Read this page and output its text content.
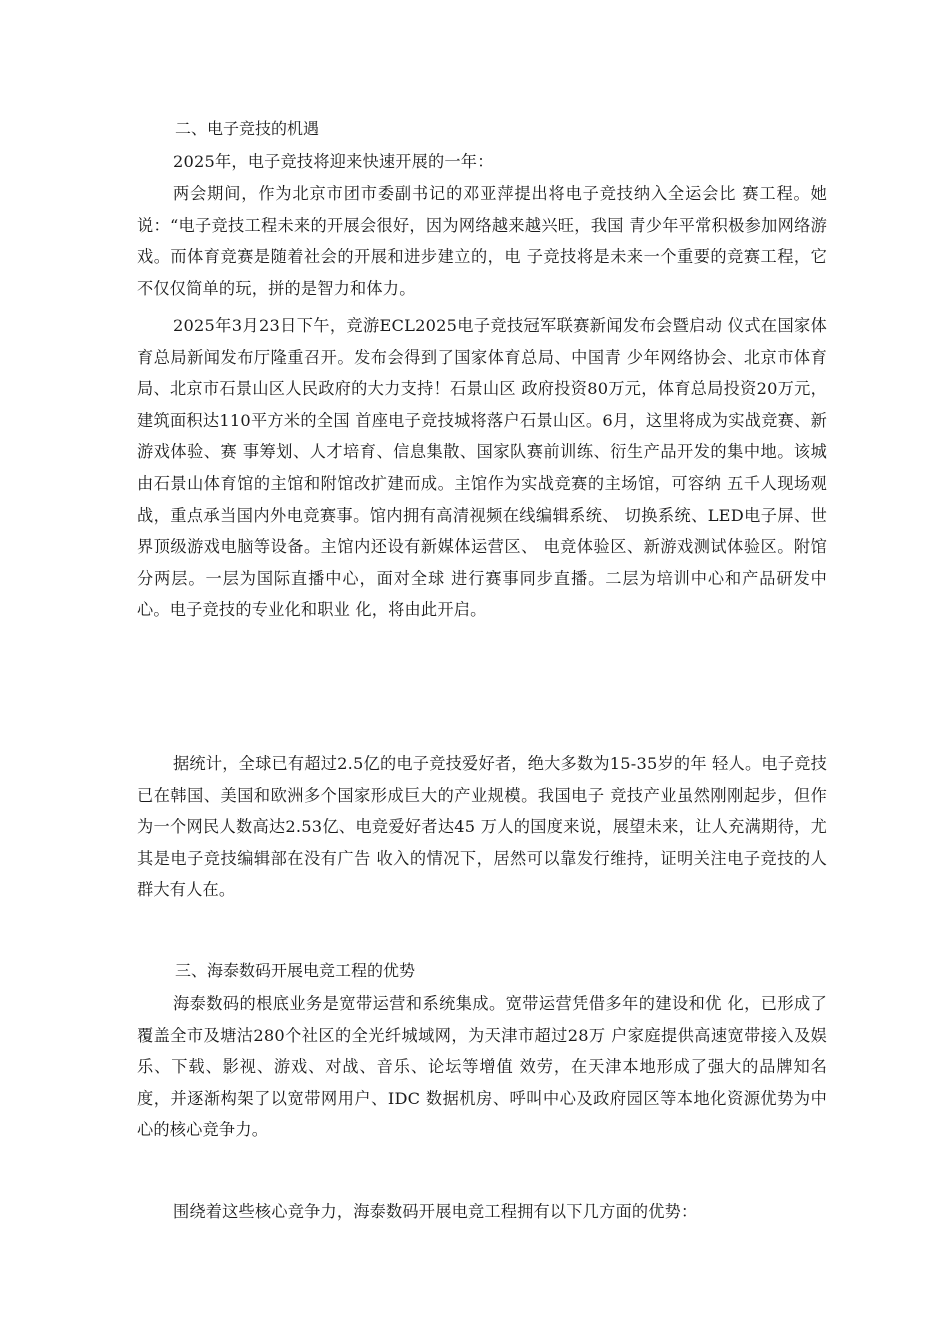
二、电子竞技的机遇

2025年，电子竞技将迎来快速开展的一年：

两会期间，作为北京市团市委副书记的邓亚萍提出将电子竞技纳入全运会比 赛工程。她说：“电子竞技工程未来的开展会很好，因为网络越来越兴旺，我国 青少年平常积极参加网络游戏。而体育竞赛是随着社会的开展和进步建立的，电 子竞技将是未来一个重要的竞赛工程，它不仅仅简单的玩，拼的是智力和体力。

2025年3月23日下午，竞游ECL2025电子竞技冠军联赛新闻发布会暨启动 仪式在国家体育总局新闻发布厅隆重召开。发布会得到了国家体育总局、中国青 少年网络协会、北京市体育局、北京市石景山区人民政府的大力支持！石景山区 政府投资80万元，体育总局投资20万元，建筑面积达110平方米的全国 首座电子竞技城将落户石景山区。6月，这里将成为实战竞赛、新游戏体验、赛 事筹划、人才培育、信息集散、国家队赛前训练、衍生产品开发的集中地。该城 由石景山体育馆的主馆和附馆改扩建而成。主馆作为实战竞赛的主场馆，可容纳 五千人现场观战，重点承当国内外电竞赛事。馆内拥有高清视频在线编辑系统、 切换系统、LED电子屏、世界顶级游戏电脑等设备。主馆内还设有新媒体运营区、 电竞体验区、新游戏测试体验区。附馆分两层。一层为国际直播中心，面对全球 进行赛事同步直播。二层为培训中心和产品研发中心。电子竞技的专业化和职业 化，将由此开启。

据统计，全球已有超过2.5亿的电子竞技爱好者，绝大多数为15-35岁的年 轻人。电子竞技已在韩国、美国和欧洲多个国家形成巨大的产业规模。我国电子 竞技产业虽然刚刚起步，但作为一个网民人数高达2.53亿、电竞爱好者达45 万人的国度来说，展望未来，让人充满期待，尤其是电子竞技编辑部在没有广告 收入的情况下，居然可以靠发行维持，证明关注电子竞技的人群大有人在。

三、海泰数码开展电竞工程的优势

海泰数码的根底业务是宽带运营和系统集成。宽带运营凭借多年的建设和优 化，已形成了覆盖全市及塘沽280个社区的全光纤城域网，为天津市超过28万 户家庭提供高速宽带接入及娱乐、下载、影视、游戏、对战、音乐、论坛等增值 效劳，在天津本地形成了强大的品牌知名度，并逐渐构架了以宽带网用户、IDC 数据机房、呼叫中心及政府园区等本地化资源优势为中心的核心竞争力。

围绕着这些核心竞争力，海泰数码开展电竞工程拥有以下几方面的优势：
